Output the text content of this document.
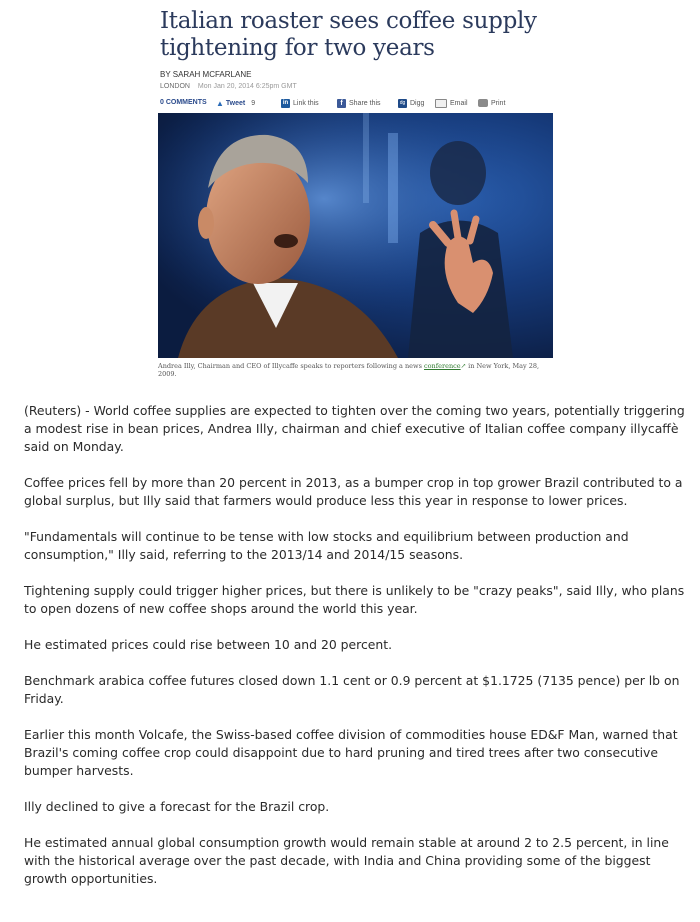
Italian roaster sees coffee supply tightening for two years
BY SARAH MCFARLANE
LONDON Mon Jan 20, 2014 6:25pm GMT
0 COMMENTS ▲ Tweet 9	in Link this	f Share this	dg Digg	Email	Print
Andrea Illy, Chairman and CEO of Illycaffe speaks to reporters following a news conference↗ in New York, May 28, 2009.

(Reuters) - World coffee supplies are expected to tighten over the coming two years, potentially triggering a modest rise in bean prices, Andrea Illy, chairman and chief executive of Italian coffee company illycaffè said on Monday.

Coffee prices fell by more than 20 percent in 2013, as a bumper crop in top grower Brazil contributed to a global surplus, but Illy said that farmers would produce less this year in response to lower prices.

"Fundamentals will continue to be tense with low stocks and equilibrium between production and consumption," Illy said, referring to the 2013/14 and 2014/15 seasons.

Tightening supply could trigger higher prices, but there is unlikely to be "crazy peaks", said Illy, who plans to open dozens of new coffee shops around the world this year.

He estimated prices could rise between 10 and 20 percent.

Benchmark arabica coffee futures closed down 1.1 cent or 0.9 percent at $1.1725 (7135 pence) per lb on Friday.

Earlier this month Volcafe, the Swiss-based coffee division of commodities house ED&F Man, warned that Brazil's coming coffee crop could disappoint due to hard pruning and tired trees after two consecutive bumper harvests.

Illy declined to give a forecast for the Brazil crop.

He estimated annual global consumption growth would remain stable at around 2 to 2.5 percent, in line with the historical average over the past decade, with India and China providing some of the biggest growth opportunities.
